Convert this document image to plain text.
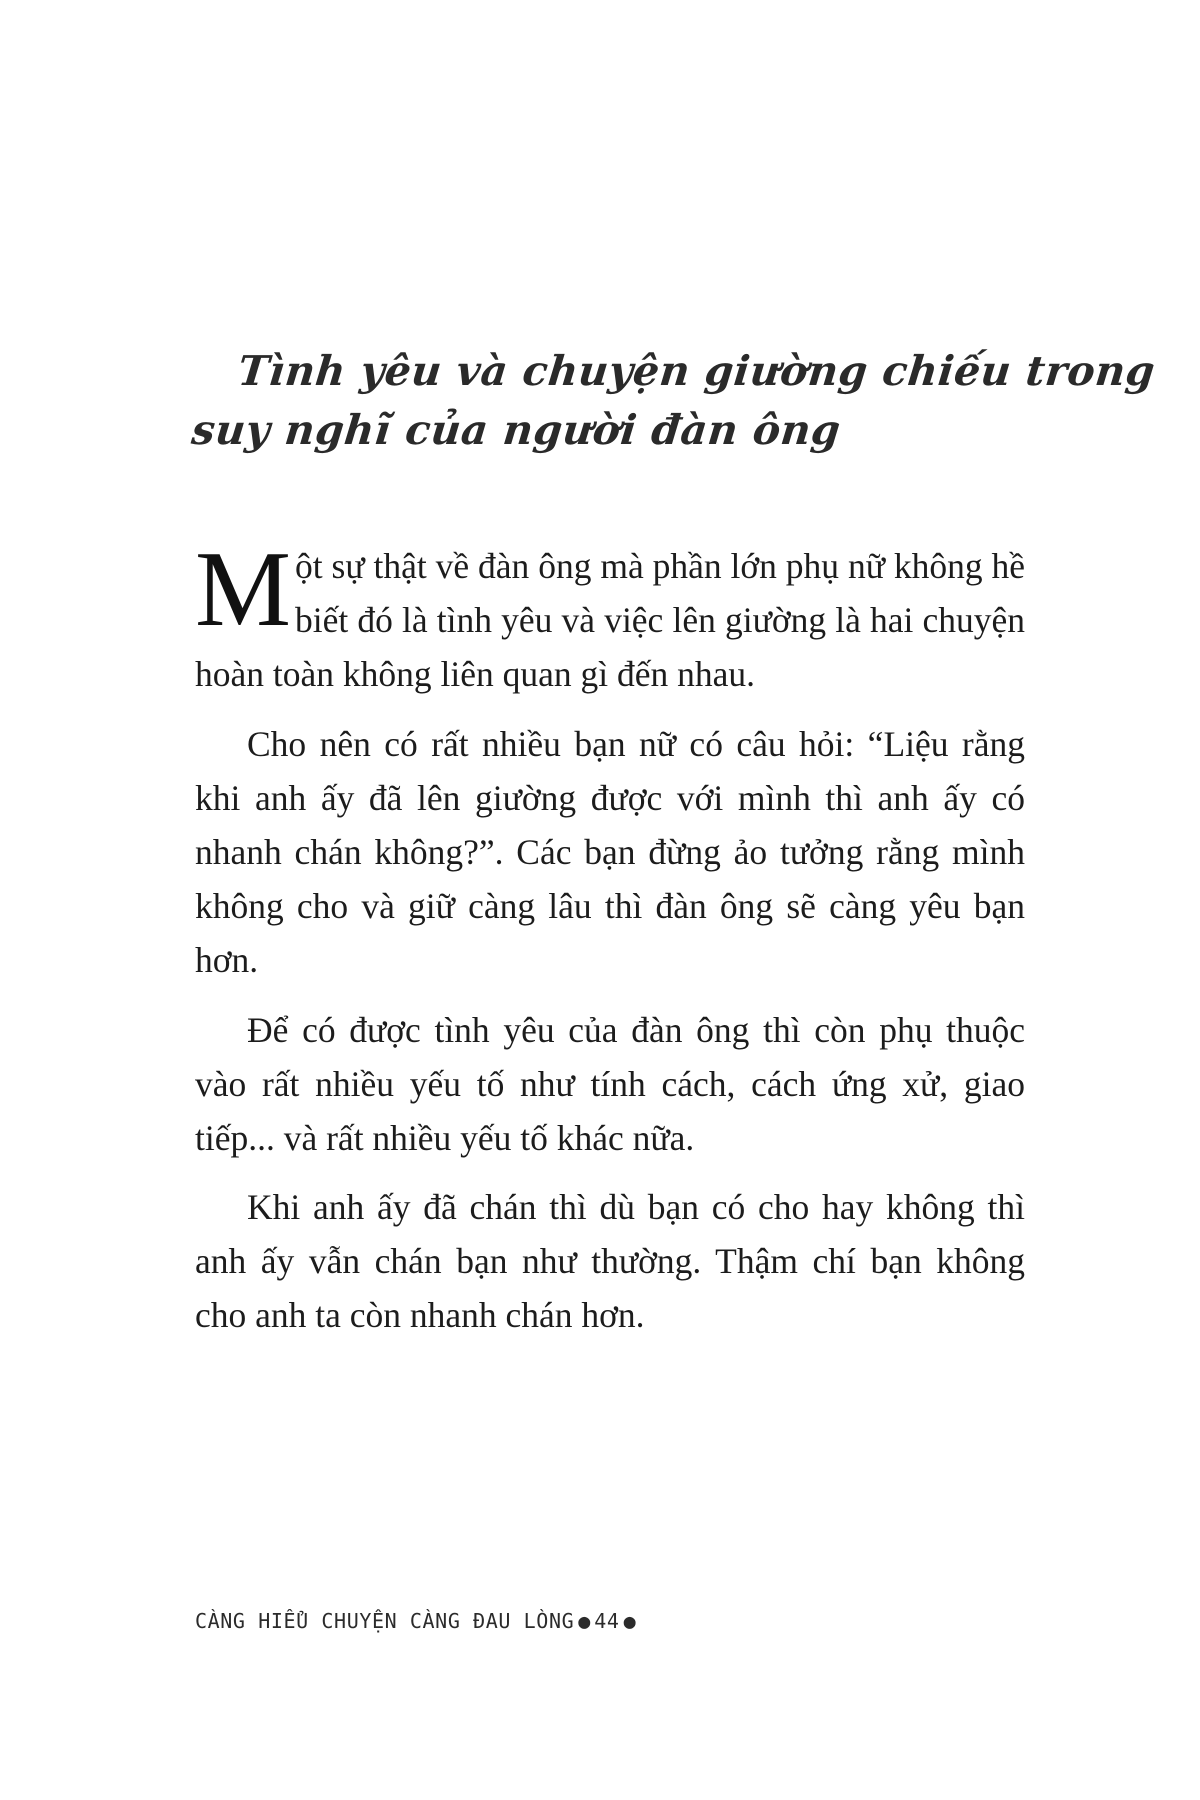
Tình yêu và chuyện giường chiếu trong
suy nghĩ của người đàn ông

Một sự thật về đàn ông mà phần lớn phụ nữ không hề biết đó là tình yêu và việc lên giường là hai chuyện hoàn toàn không liên quan gì đến nhau.

Cho nên có rất nhiều bạn nữ có câu hỏi: “Liệu rằng khi anh ấy đã lên giường được với mình thì anh ấy có nhanh chán không?”. Các bạn đừng ảo tưởng rằng mình không cho và giữ càng lâu thì đàn ông sẽ càng yêu bạn hơn.

Để có được tình yêu của đàn ông thì còn phụ thuộc vào rất nhiều yếu tố như tính cách, cách ứng xử, giao tiếp... và rất nhiều yếu tố khác nữa.

Khi anh ấy đã chán thì dù bạn có cho hay không thì anh ấy vẫn chán bạn như thường. Thậm chí bạn không cho anh ta còn nhanh chán hơn.

CÀNG HIỂU CHUYỆN CÀNG ĐAU LÒNG ● 44 ●
